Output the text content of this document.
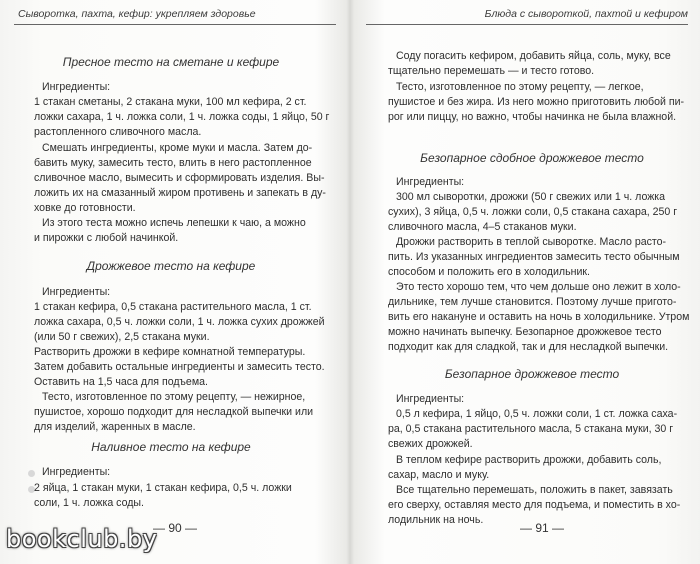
Сыворотка, пахта, кефир: укрепляем здоровье
Пресное тесто на сметане и кефире
Ингредиенты:
1 стакан сметаны, 2 стакана муки, 100 мл кефира, 2 ст.
ложки сахара, 1 ч. ложка соли, 1 ч. ложка соды, 1 яйцо, 50 г
растопленного сливочного масла.
Смешать ингредиенты, кроме муки и масла. Затем до-
бавить муку, замесить тесто, влить в него растопленное
сливочное масло, вымесить и сформировать изделия. Вы-
ложить их на смазанный жиром противень и запекать в ду-
ховке до готовности.
Из этого теста можно испечь лепешки к чаю, а можно
и пирожки с любой начинкой.
Дрожжевое тесто на кефире
Ингредиенты:
1 стакан кефира, 0,5 стакана растительного масла, 1 ст.
ложка сахара, 0,5 ч. ложки соли, 1 ч. ложка сухих дрожжей
(или 50 г свежих), 2,5 стакана муки.
Растворить дрожжи в кефире комнатной температуры.
Затем добавить остальные ингредиенты и замесить тесто.
Оставить на 1,5 часа для подъема.
Тесто, изготовленное по этому рецепту, — нежирное,
пушистое, хорошо подходит для несладкой выпечки или
для изделий, жаренных в масле.
Наливное тесто на кефире
Ингредиенты:
2 яйца, 1 стакан муки, 1 стакан кефира, 0,5 ч. ложки
соли, 1 ч. ложка соды.
— 90 —
Блюда с сывороткой, пахтой и кефиром
Соду погасить кефиром, добавить яйца, соль, муку, все
тщательно перемешать — и тесто готово.
Тесто, изготовленное по этому рецепту, — легкое,
пушистое и без жира. Из него можно приготовить любой пи-
рог или пиццу, но важно, чтобы начинка не была влажной.
Безопарное сдобное дрожжевое тесто
Ингредиенты:
300 мл сыворотки, дрожжи (50 г свежих или 1 ч. ложка
сухих), 3 яйца, 0,5 ч. ложки соли, 0,5 стакана сахара, 250 г
сливочного масла, 4–5 стаканов муки.
Дрожжи растворить в теплой сыворотке. Масло расто-
пить. Из указанных ингредиентов замесить тесто обычным
способом и положить его в холодильник.
Это тесто хорошо тем, что чем дольше оно лежит в холо-
дильнике, тем лучше становится. Поэтому лучше пригото-
вить его накануне и оставить на ночь в холодильнике. Утром
можно начинать выпечку. Безопарное дрожжевое тесто
подходит как для сладкой, так и для несладкой выпечки.
Безопарное дрожжевое тесто
Ингредиенты:
0,5 л кефира, 1 яйцо, 0,5 ч. ложки соли, 1 ст. ложка саха-
ра, 0,5 стакана растительного масла, 5 стакана муки, 30 г
свежих дрожжей.
В теплом кефире растворить дрожжи, добавить соль,
сахар, масло и муку.
Все тщательно перемешать, положить в пакет, завязать
его сверху, оставляя место для подъема, и поместить в хо-
лодильник на ночь.
— 91 —
bookclub.by
